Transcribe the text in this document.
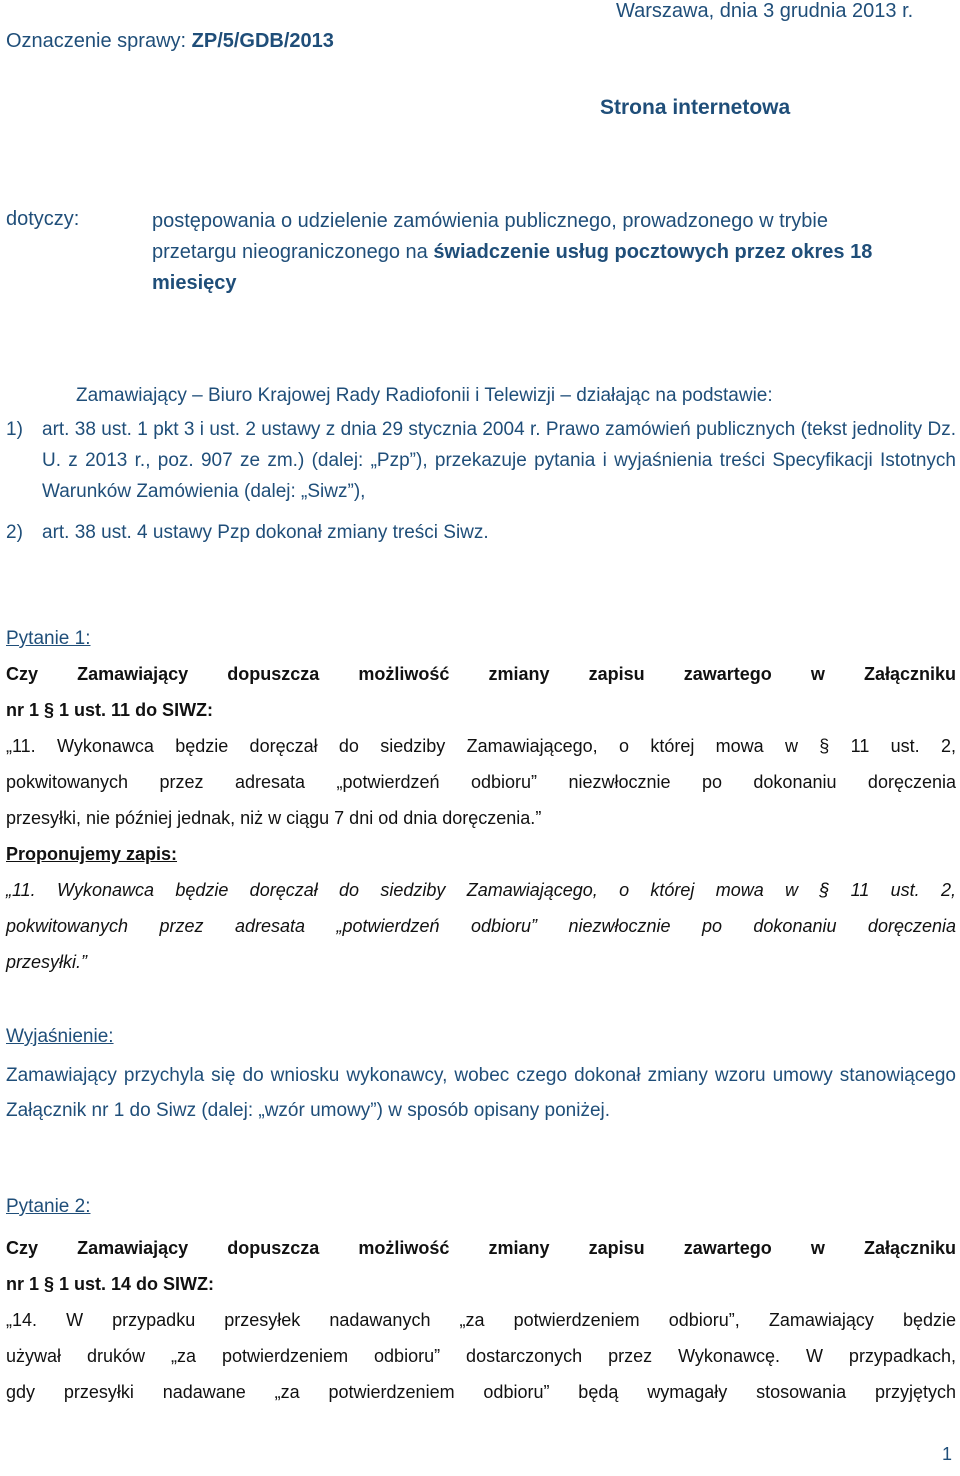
Oznaczenie sprawy: ZP/5/GDB/2013
Warszawa, dnia 3 grudnia 2013 r.
Strona internetowa
dotyczy:	postępowania o udzielenie zamówienia publicznego, prowadzonego w trybie
przetargu nieograniczonego na świadczenie usług pocztowych przez okres 18
miesięcy
Zamawiający – Biuro Krajowej Rady Radiofonii i Telewizji – działając na podstawie:
1) art. 38 ust. 1 pkt 3 i ust. 2 ustawy z dnia 29 stycznia 2004 r. Prawo zamówień publicznych (tekst jednolity Dz. U. z 2013 r., poz. 907 ze zm.) (dalej: „Pzp”), przekazuje pytania i wyjaśnienia treści Specyfikacji Istotnych Warunków Zamówienia (dalej: „Siwz”),
2) art. 38 ust. 4 ustawy Pzp dokonał zmiany treści Siwz.
Pytanie 1:
Czy Zamawiający dopuszcza możliwość zmiany zapisu zawartego w Załączniku
nr 1 § 1 ust. 11 do SIWZ:
„11. Wykonawca będzie doręczał do siedziby Zamawiającego, o której mowa w § 11 ust. 2,
pokwitowanych przez adresata „potwierdzeń odbioru” niezwłocznie po dokonaniu doręczenia
przesyłki, nie później jednak, niż w ciągu 7 dni od dnia doręczenia.”
Proponujemy zapis:
„11. Wykonawca będzie doręczał do siedziby Zamawiającego, o której mowa w § 11 ust. 2,
pokwitowanych przez adresata „potwierdzeń odbioru” niezwłocznie po dokonaniu doręczenia
przesyłki.”
Wyjaśnienie:
Zamawiający przychyla się do wniosku wykonawcy, wobec czego dokonał zmiany wzoru umowy stanowiącego Załącznik nr 1 do Siwz (dalej: „wzór umowy”) w sposób opisany poniżej.
Pytanie 2:
Czy Zamawiający dopuszcza możliwość zmiany zapisu zawartego w Załączniku
nr 1 § 1 ust. 14 do SIWZ:
„14. W przypadku przesyłek nadawanych „za potwierdzeniem odbioru”, Zamawiający będzie
używał druków „za potwierdzeniem odbioru” dostarczonych przez Wykonawcę. W przypadkach,
gdy przesyłki nadawane „za potwierdzeniem odbioru” będą wymagały stosowania przyjętych
1
